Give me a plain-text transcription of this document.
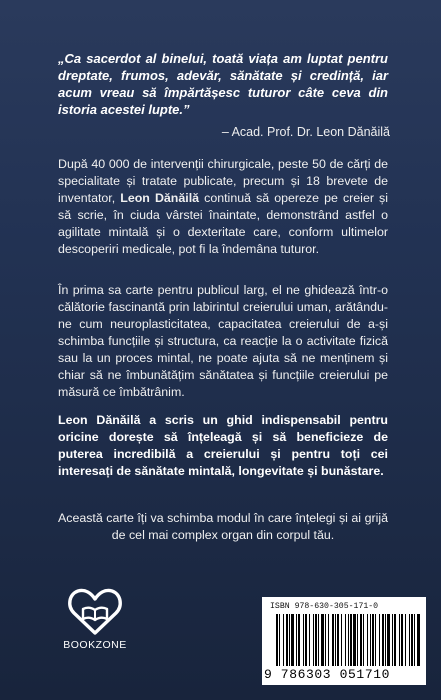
„Ca sacerdot al binelui, toată viața am luptat pentru dreptate, frumos, adevăr, sănătate și credință, iar acum vreau să împărtășesc tuturor câte ceva din istoria acestei lupte.”
– Acad. Prof. Dr. Leon Dănăilă
După 40 000 de intervenții chirurgicale, peste 50 de cărți de specialitate și tratate publicate, precum și 18 brevete de inventator, Leon Dănăilă continuă să opereze pe creier și să scrie, în ciuda vârstei înaintate, demonstrând astfel o agilitate mintală și o dexteritate care, conform ultimelor descoperiri medicale, pot fi la îndemâna tuturor.
În prima sa carte pentru publicul larg, el ne ghidează într-o călătorie fascinantă prin labirintul creierului uman, arătându-ne cum neuroplasticitatea, capacitatea creierului de a-și schimba funcțiile și structura, ca reacție la o activitate fizică sau la un proces mintal, ne poate ajuta să ne menținem și chiar să ne îmbunătățim sănătatea și funcțiile creierului pe măsură ce îmbătrânim.
Leon Dănăilă a scris un ghid indispensabil pentru oricine dorește să înțeleagă și să beneficieze de puterea incredibilă a creierului și pentru toți cei interesați de sănătate mintală, longevitate și bunăstare.
Această carte îți va schimba modul în care înțelegi și ai grijă de cel mai complex organ din corpul tău.
BOOKZONE
ISBN 978-630-305-171-0
9 786303 051710
